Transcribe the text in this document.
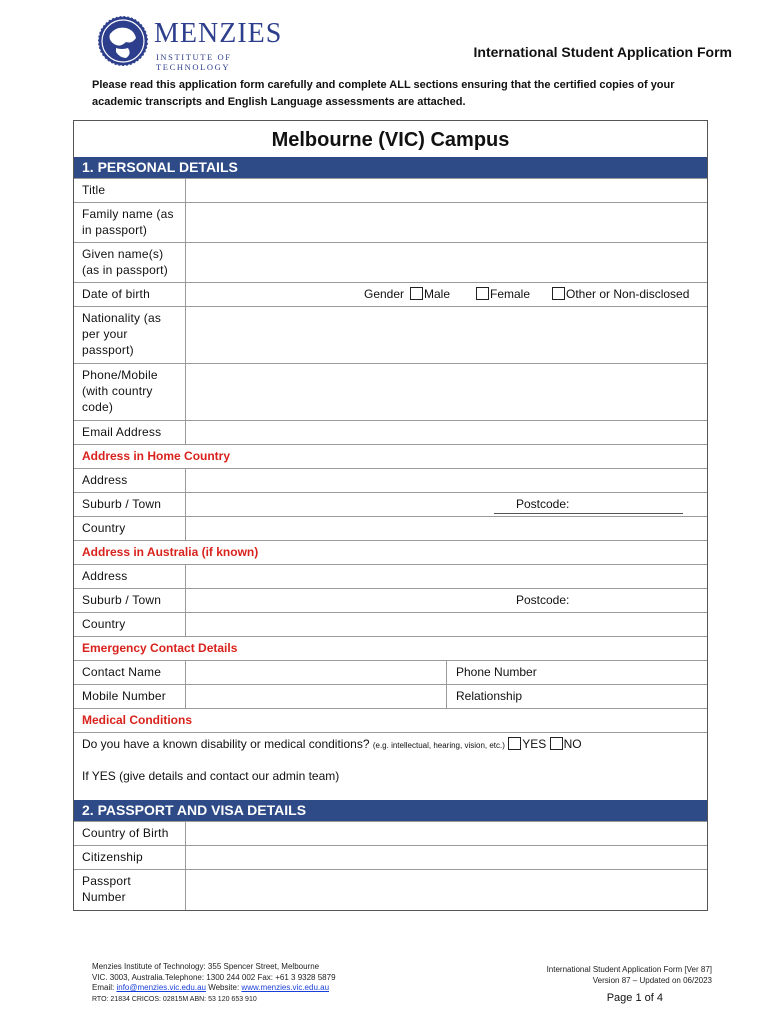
MENZIES
INSTITUTE OF TECHNOLOGY
International Student Application Form
Please read this application form carefully and complete ALL sections ensuring that the certified copies of your
academic transcripts and English Language assessments are attached.
Melbourne (VIC) Campus
1. PERSONAL DETAILS
Title
Family name (as in passport)
Given name(s) (as in passport)
Date of birth	Gender	Male	Female	Other or Non-disclosed
Nationality (as per your passport)
Phone/Mobile (with country code)
Email Address
Address in Home Country
Address
Suburb / Town	Postcode:
Country
Address in Australia (if known)
Address
Suburb / Town	Postcode:
Country
Emergency Contact Details
Contact Name	Phone Number
Mobile Number	Relationship
Medical Conditions
Do you have a known disability or medical conditions? (e.g. intellectual, hearing, vision, etc.) YES NO
If YES (give details and contact our admin team)
2. PASSPORT AND VISA DETAILS
Country of Birth
Citizenship
Passport Number
Menzies Institute of Technology: 355 Spencer Street, Melbourne
VIC. 3003, Australia.Telephone: 1300 244 002 Fax: +61 3 9328 5879
Email: info@menzies.vic.edu.au Website: www.menzies.vic.edu.au
RTO: 21834 CRICOS: 02815M ABN: 53 120 653 910
International Student Application Form [Ver 87]
Version 87 – Updated on 06/2023
Page 1 of 4
